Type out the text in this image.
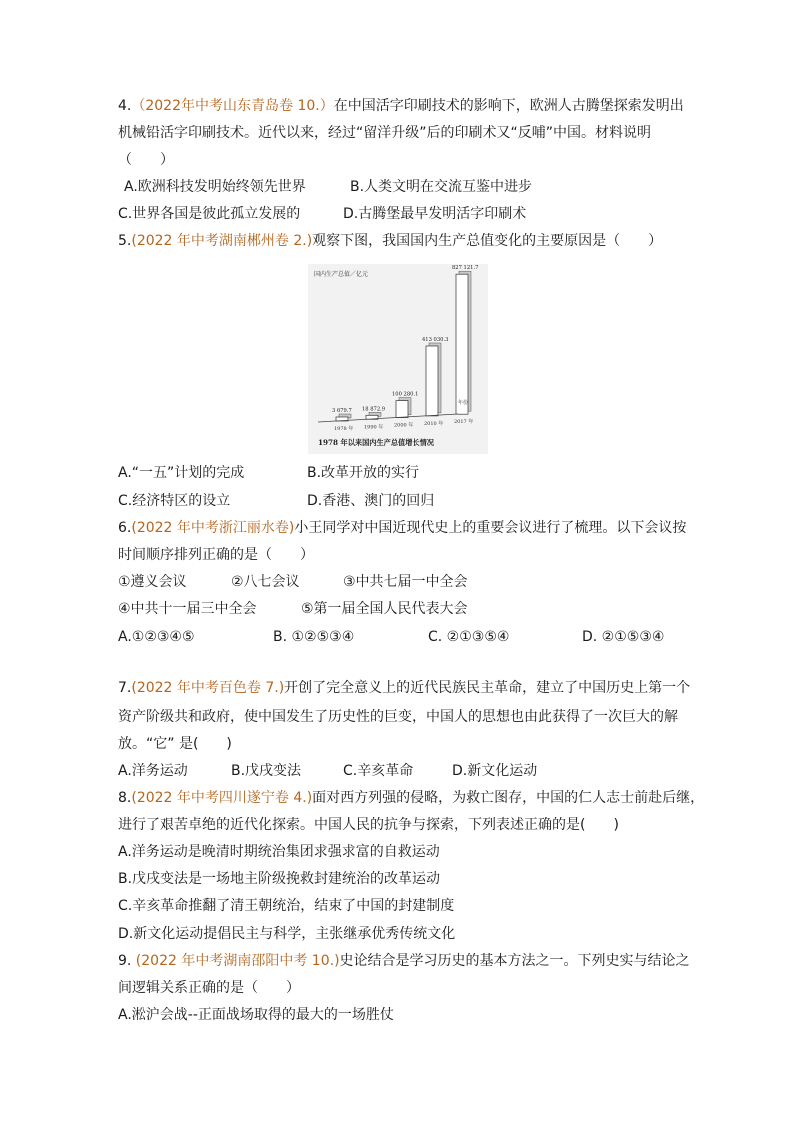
4.（2022年中考山东青岛卷 10.）在中国活字印刷技术的影响下，欧洲人古腾堡探索发明出
机械铅活字印刷技术。近代以来，经过“留洋升级”后的印刷术又“反哺”中国。材料说明
（　　）
A.欧洲科技发明始终领先世界	B.人类文明在交流互鉴中进步
C.世界各国是彼此孤立发展的	D.古腾堡最早发明活字印刷术
5.(2022 年中考湖南郴州卷 2.)观察下图，我国国内生产总值变化的主要原因是（　　）
国内生产总值／亿元
3 679.7
1978 年
18 872.9
1990 年
100 280.1
2000 年
413 030.3
2010 年
827 121.7
2017 年
年份
1978 年以来国内生产总值增长情况
A.“一五”计划的完成	B.改革开放的实行
C.经济特区的设立	D.香港、澳门的回归
6.(2022 年中考浙江丽水卷)小王同学对中国近现代史上的重要会议进行了梳理。以下会议按
时间顺序排列正确的是（　　）
①遵义会议	②八七会议	③中共七届一中全会
④中共十一届三中全会	⑤第一届全国人民代表大会
A.①②③④⑤	B. ①②⑤③④	C. ②①③⑤④	D. ②①⑤③④
7.(2022 年中考百色卷 7.)开创了完全意义上的近代民族民主革命，建立了中国历史上第一个
资产阶级共和政府，使中国发生了历史性的巨变，中国人的思想也由此获得了一次巨大的解
放。“它” 是(　　)
A.洋务运动	B.戊戌变法	C.辛亥革命	D.新文化运动
8.(2022 年中考四川遂宁卷 4.)面对西方列强的侵略，为救亡图存，中国的仁人志士前赴后继，
进行了艰苦卓绝的近代化探索。中国人民的抗争与探索，下列表述正确的是(　　)
A.洋务运动是晚清时期统治集团求强求富的自救运动
B.戊戌变法是一场地主阶级挽救封建统治的改革运动
C.辛亥革命推翻了清王朝统治，结束了中国的封建制度
D.新文化运动提倡民主与科学，主张继承优秀传统文化
9. (2022 年中考湖南邵阳中考 10.)史论结合是学习历史的基本方法之一。下列史实与结论之
间逻辑关系正确的是（　　）
A.淞沪会战--正面战场取得的最大的一场胜仗
